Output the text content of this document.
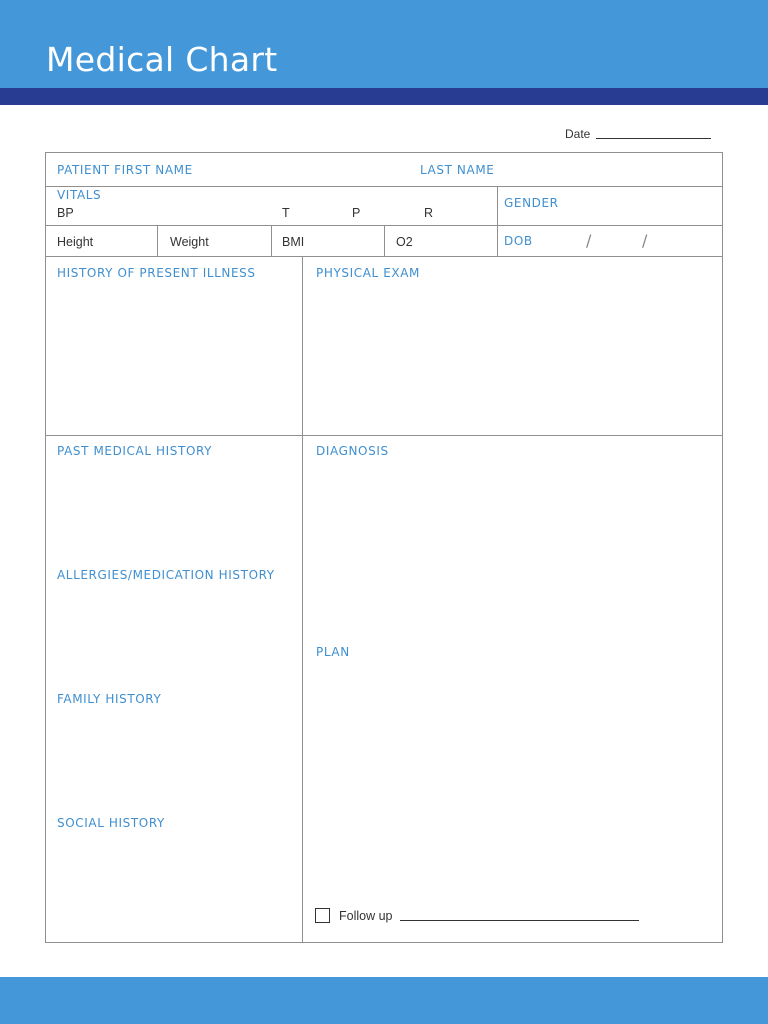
Medical Chart
Date
PATIENT FIRST NAME	LAST NAME
VITALS
BP	T	P	R
GENDER
Height	Weight	BMI	O2	DOB	/	/
HISTORY OF PRESENT ILLNESS	PHYSICAL EXAM
PAST MEDICAL HISTORY
ALLERGIES/MEDICATION HISTORY
FAMILY HISTORY
SOCIAL HISTORY
DIAGNOSIS
PLAN
Follow up
